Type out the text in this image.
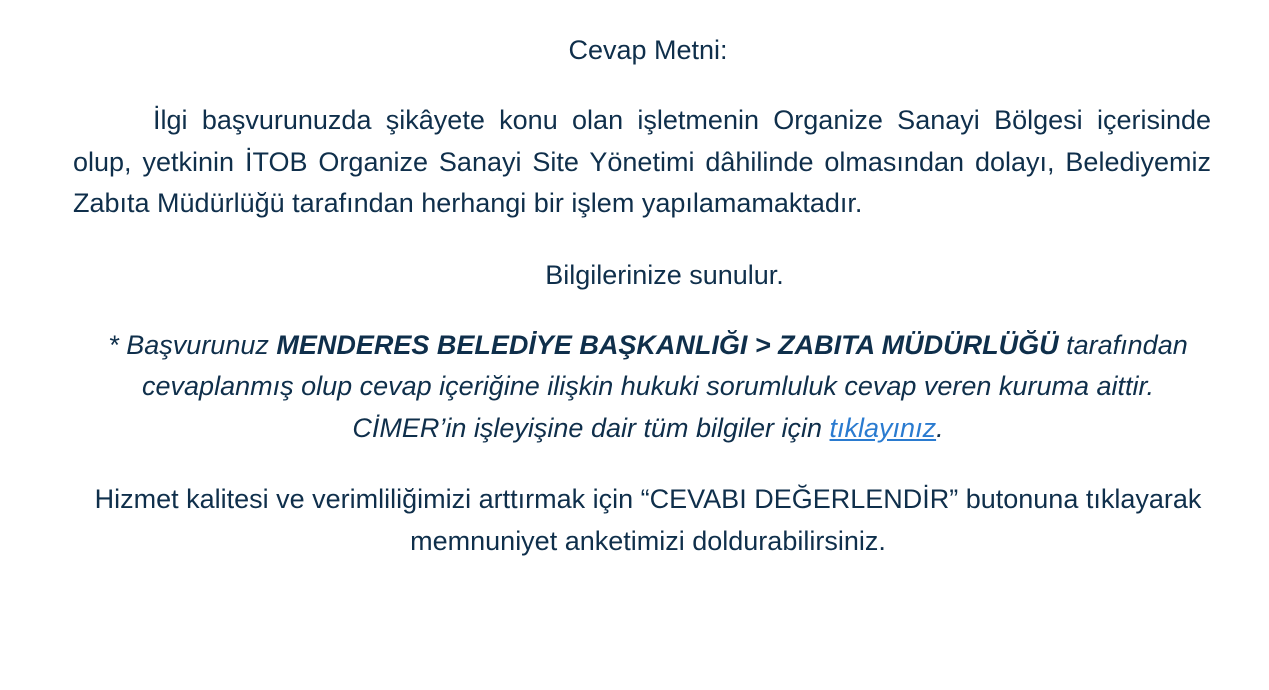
Cevap Metni:

İlgi başvurunuzda şikâyete konu olan işletmenin Organize Sanayi Bölgesi içerisinde olup, yetkinin İTOB Organize Sanayi Site Yönetimi dâhilinde olmasından dolayı, Belediyemiz Zabıta Müdürlüğü tarafından herhangi bir işlem yapılamamaktadır.

Bilgilerinize sunulur.

* Başvurunuz MENDERES BELEDİYE BAŞKANLIĞI > ZABITA MÜDÜRLÜĞÜ tarafından cevaplanmış olup cevap içeriğine ilişkin hukuki sorumluluk cevap veren kuruma aittir. CİMER’in işleyişine dair tüm bilgiler için tıklayınız.

Hizmet kalitesi ve verimliliğimizi arttırmak için “CEVABI DEĞERLENDİR” butonuna tıklayarak memnuniyet anketimizi doldurabilirsiniz.
